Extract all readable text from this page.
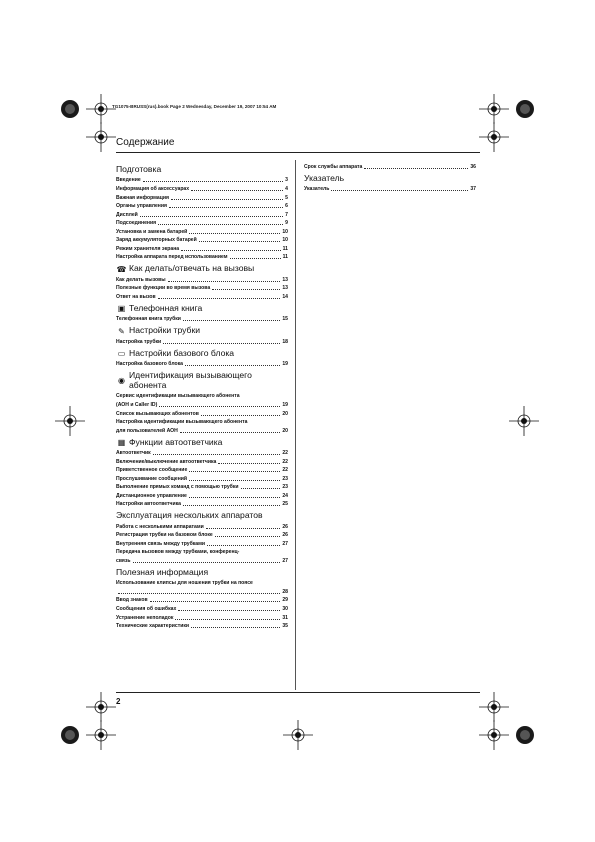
TG1075-BRUSS(rus).book Page 2 Wednesday, December 19, 2007 10:54 AM
Содержание
2
Подготовка
Введение	3
Информация об аксессуарах	4
Важная информация	5
Органы управления	6
Дисплей	7
Подсоединения	9
Установка и замена батарей	10
Заряд аккумуляторных батарей	10
Режим хранителя экрана	11
Настройка аппарата перед использованием	11
☎ Как делать/отвечать на вызовы
Как делать вызовы	13
Полезные функции во время вызова	13
Ответ на вызов	14
▣ Телефонная книга
Телефонная книга трубки	15
✎ Настройки трубки
Настройка трубки	18
▭ Настройки базового блока
Настройка базового блока	19
◉
Идентификация вызывающего
абонента
Сервис идентификации вызывающего абонента
(АОН и Caller ID)	19
Список вызывающих абонентов	20
Настройка идентификации вызывающего абонента
для пользователей АОН	20
▦ Функции автоответчика
Автоответчик	22
Включение/выключение автоответчика	22
Приветственное сообщение	22
Прослушивание сообщений	23
Выполнение прямых команд с помощью трубки	23
Дистанционное управление	24
Настройки автоответчика	25
Эксплуатация нескольких аппаратов
Работа с несколькими аппаратами	26
Регистрация трубки на базовом блоке	26
Внутренняя связь между трубками	27
Передача вызовов между трубками, конференц-
связь	27
Полезная информация
Использование клипсы для ношения трубки на поясе
28
Ввод знаков	29
Сообщения об ошибках	30
Устранение неполадок	31
Технические характеристики	35
Срок службы аппарата	36
Указатель
Указатель	37
